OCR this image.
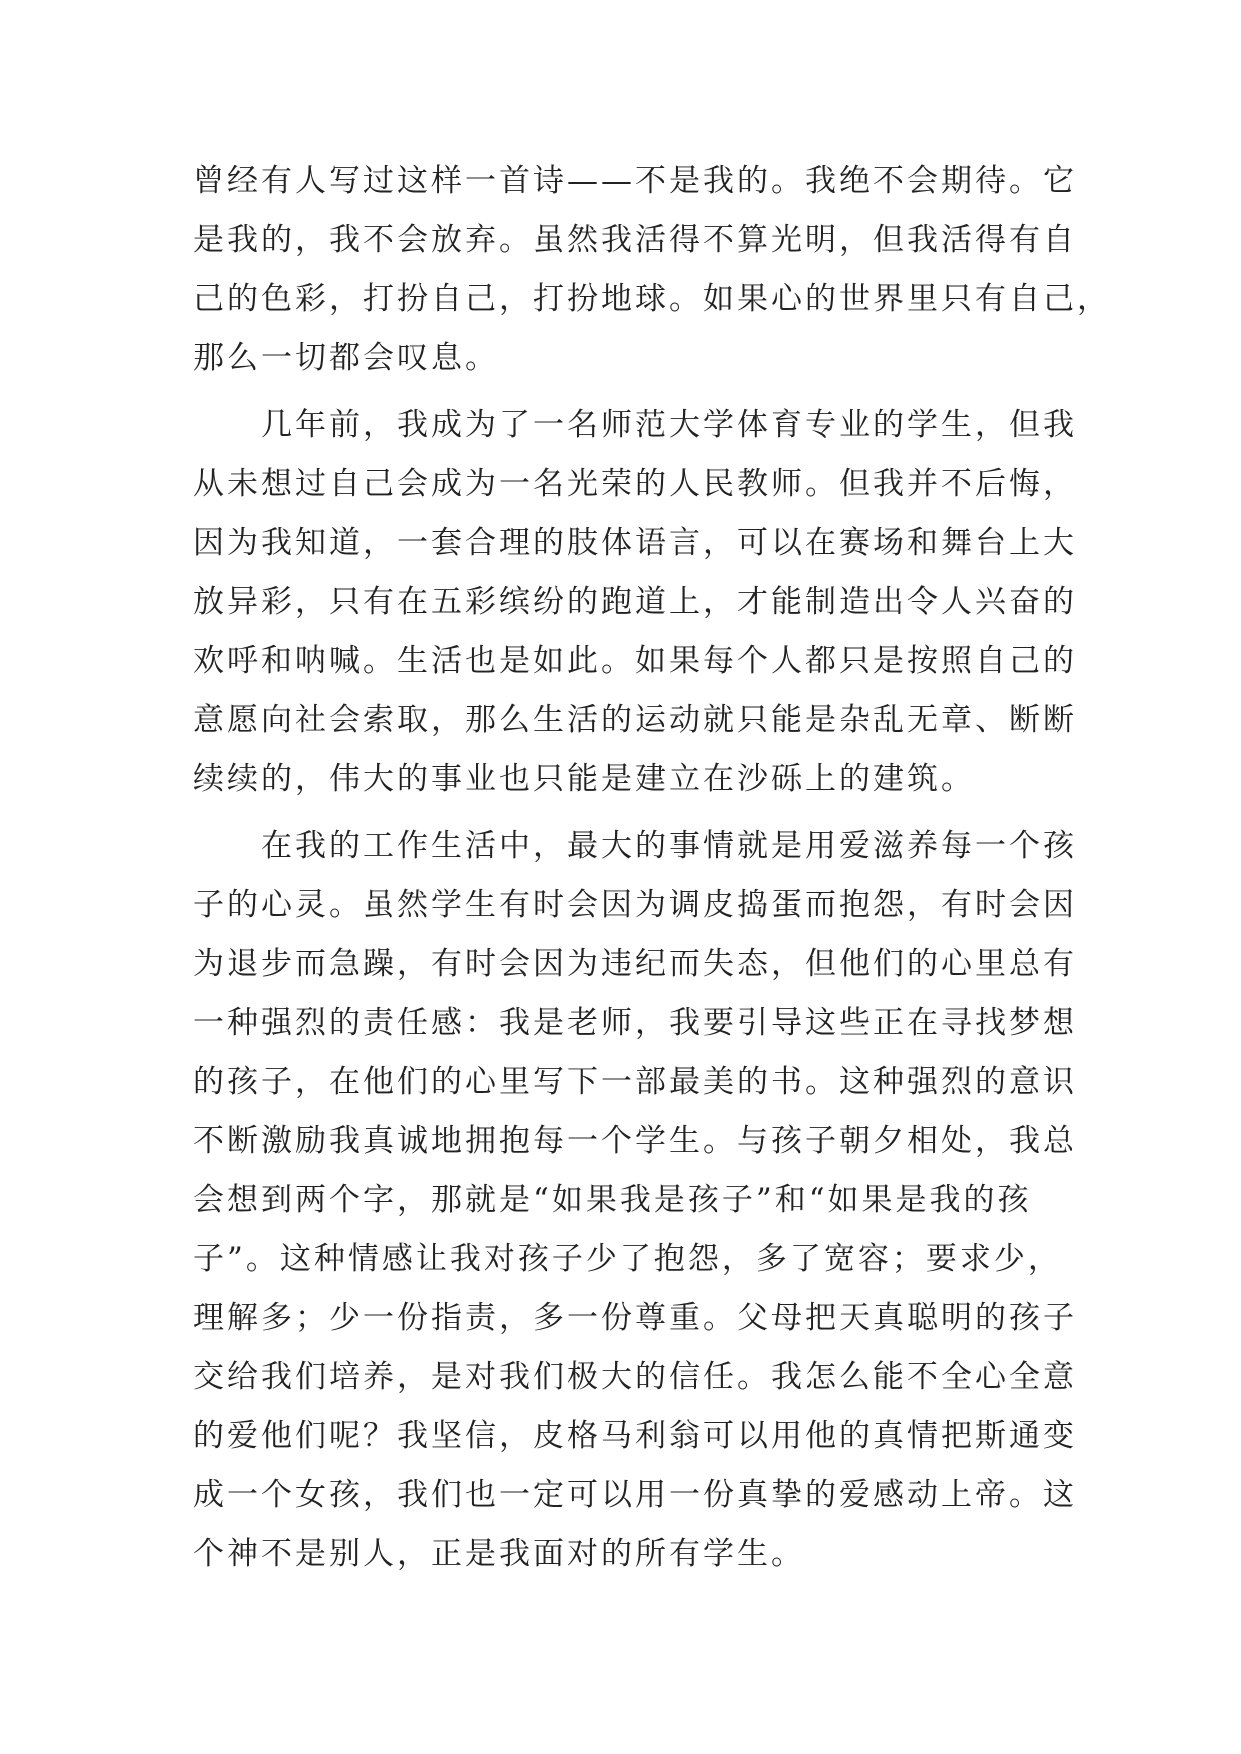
曾经有人写过这样一首诗——不是我的。我绝不会期待。它
是我的，我不会放弃。虽然我活得不算光明，但我活得有自
己的色彩，打扮自己，打扮地球。如果心的世界里只有自己，
那么一切都会叹息。
　　几年前，我成为了一名师范大学体育专业的学生，但我
从未想过自己会成为一名光荣的人民教师。但我并不后悔，
因为我知道，一套合理的肢体语言，可以在赛场和舞台上大
放异彩，只有在五彩缤纷的跑道上，才能制造出令人兴奋的
欢呼和呐喊。生活也是如此。如果每个人都只是按照自己的
意愿向社会索取，那么生活的运动就只能是杂乱无章、断断
续续的，伟大的事业也只能是建立在沙砾上的建筑。
　　在我的工作生活中，最大的事情就是用爱滋养每一个孩
子的心灵。虽然学生有时会因为调皮捣蛋而抱怨，有时会因
为退步而急躁，有时会因为违纪而失态，但他们的心里总有
一种强烈的责任感：我是老师，我要引导这些正在寻找梦想
的孩子，在他们的心里写下一部最美的书。这种强烈的意识
不断激励我真诚地拥抱每一个学生。与孩子朝夕相处，我总
会想到两个字，那就是“如果我是孩子”和“如果是我的孩
子”。这种情感让我对孩子少了抱怨，多了宽容；要求少，
理解多；少一份指责，多一份尊重。父母把天真聪明的孩子
交给我们培养，是对我们极大的信任。我怎么能不全心全意
的爱他们呢？我坚信，皮格马利翁可以用他的真情把斯通变
成一个女孩，我们也一定可以用一份真挚的爱感动上帝。这
个神不是别人，正是我面对的所有学生。
